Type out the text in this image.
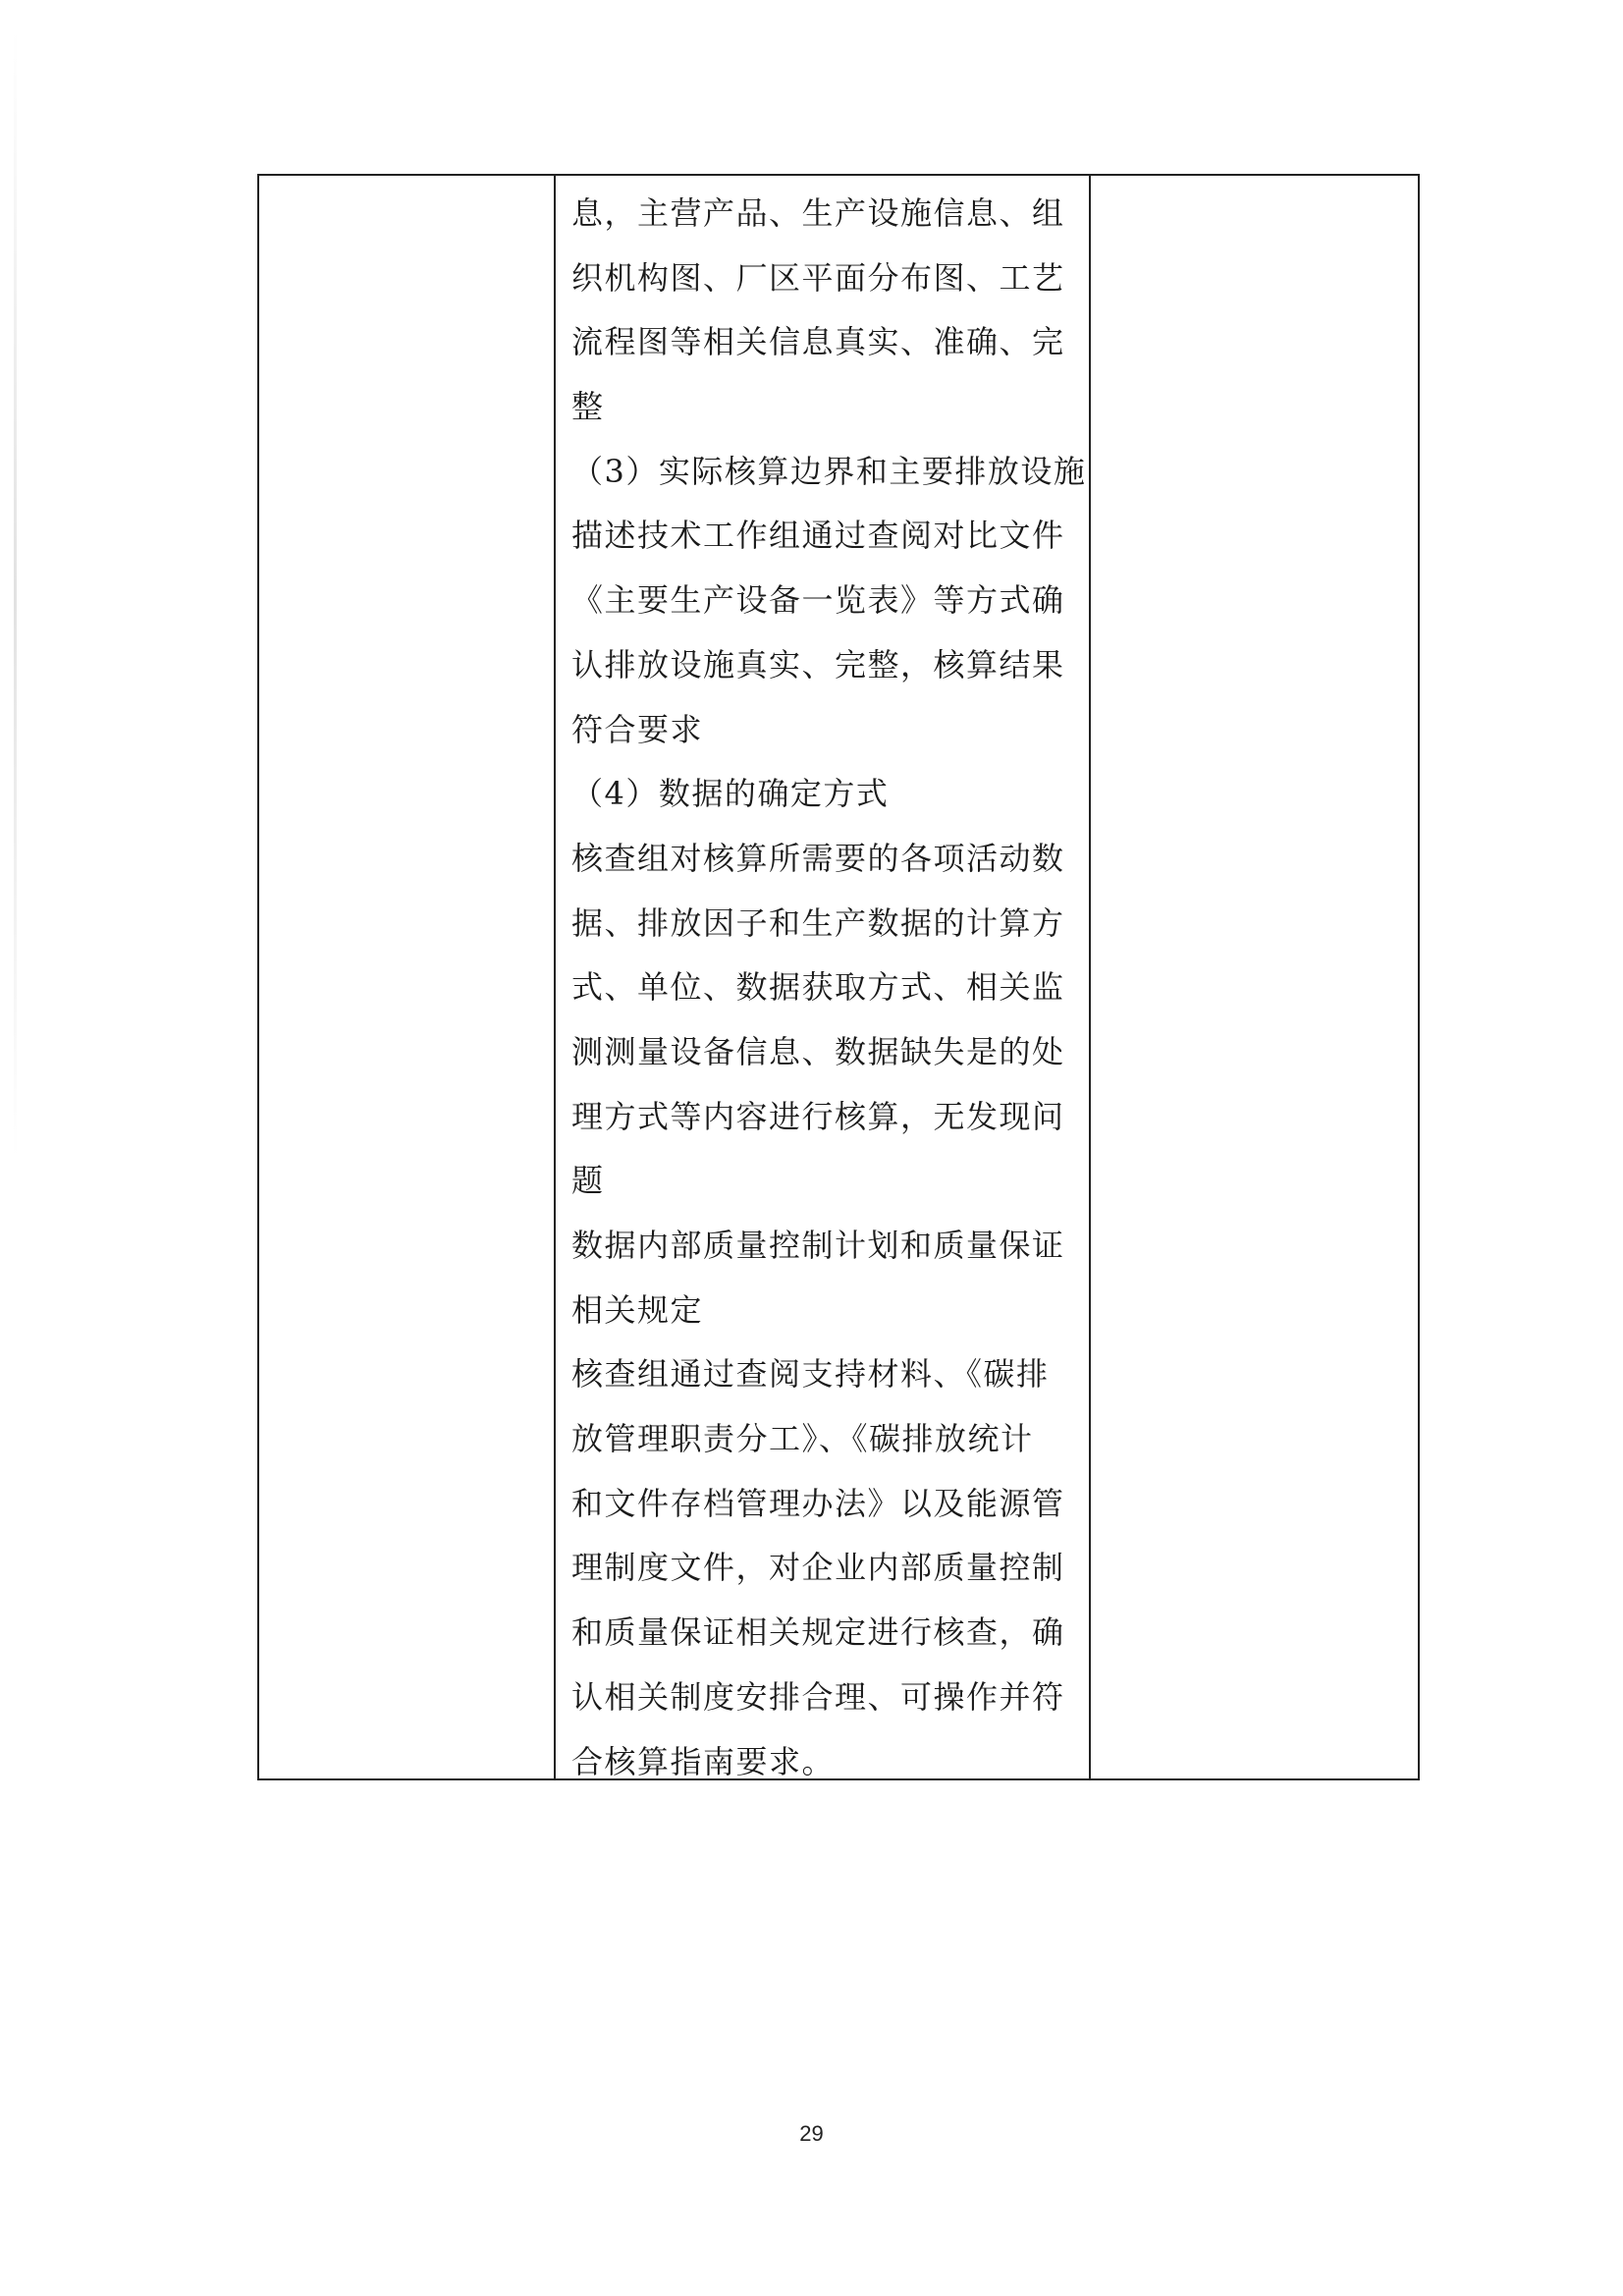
息，主营产品、生产设施信息、组
织机构图、厂区平面分布图、工艺
流程图等相关信息真实、准确、完
整
（3）实际核算边界和主要排放设施
描述技术工作组通过查阅对比文件
《主要生产设备一览表》等方式确
认排放设施真实、完整，核算结果
符合要求
（4）数据的确定方式
核查组对核算所需要的各项活动数
据、排放因子和生产数据的计算方
式、单位、数据获取方式、相关监
测测量设备信息、数据缺失是的处
理方式等内容进行核算，无发现问
题
数据内部质量控制计划和质量保证
相关规定
核查组通过查阅支持材料、《碳排
放管理职责分工》、《碳排放统计
和文件存档管理办法》以及能源管
理制度文件，对企业内部质量控制
和质量保证相关规定进行核查，确
认相关制度安排合理、可操作并符
合核算指南要求。
29
